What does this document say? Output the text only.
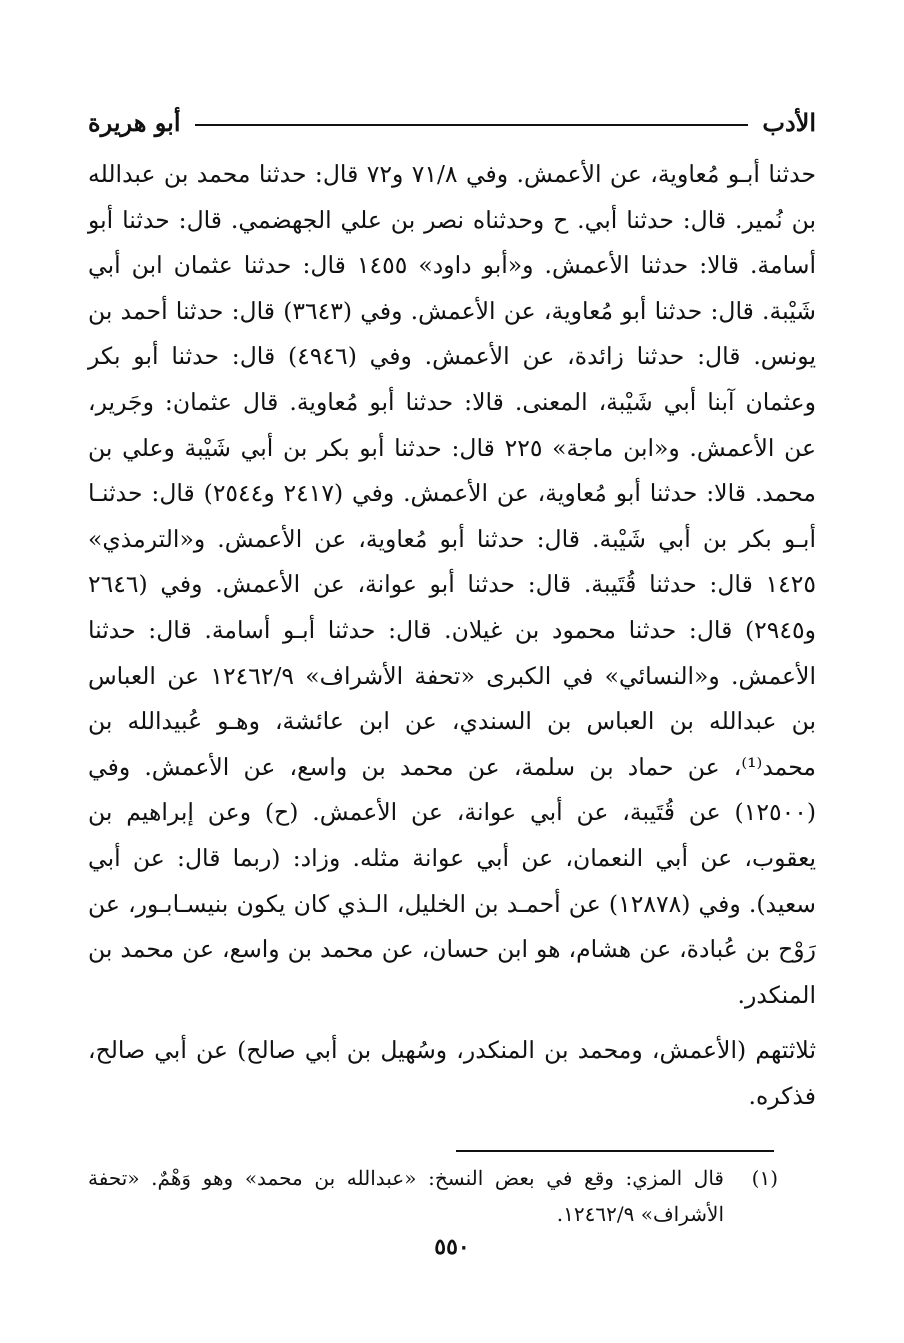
الأدب
أبو هريرة

حدثنا أبـو مُعاوية، عن الأعمش. وفي ٧١/٨ و٧٢ قال: حدثنا محمد بن عبدالله بن نُمير. قال: حدثنا أبي. ح وحدثناه نصر بن علي الجهضمي. قال: حدثنا أبو أسامة. قالا: حدثنا الأعمش. و«أبو داود» ١٤٥٥ قال: حدثنا عثمان ابن أبي شَيْبة. قال: حدثنا أبو مُعاوية، عن الأعمش. وفي (٣٦٤٣) قال: حدثنا أحمد بن يونس. قال: حدثنا زائدة، عن الأعمش. وفي (٤٩٤٦) قال: حدثنا أبو بكر وعثمان آبنا أبي شَيْبة، المعنى. قالا: حدثنا أبو مُعاوية. قال عثمان: وجَرير، عن الأعمش. و«ابن ماجة» ٢٢٥ قال: حدثنا أبو بكر بن أبي شَيْبة وعلي بن محمد. قالا: حدثنا أبو مُعاوية، عن الأعمش. وفي (٢٤١٧ و٢٥٤٤) قال: حدثنـا أبـو بكر بن أبي شَيْبة. قال: حدثنا أبو مُعاوية، عن الأعمش. و«الترمذي» ١٤٢٥ قال: حدثنا قُتَيبة. قال: حدثنا أبو عوانة، عن الأعمش. وفي (٢٦٤٦ و٢٩٤٥) قال: حدثنا محمود بن غيلان. قال: حدثنا أبـو أسامة. قال: حدثنا الأعمش. و«النسائي» في الكبرى «تحفة الأشراف» ١٢٤٦٢/٩ عن العباس بن عبدالله بن العباس بن السندي، عن ابن عائشة، وهـو عُبيدالله بن محمد⁽¹⁾، عن حماد بن سلمة، عن محمد بن واسع، عن الأعمش. وفي (١٢٥٠٠) عن قُتَيبة، عن أبي عوانة، عن الأعمش. (ح) وعن إبراهيم بن يعقوب، عن أبي النعمان، عن أبي عوانة مثله. وزاد: (ربما قال: عن أبي سعيد). وفي (١٢٨٧٨) عن أحمـد بن الخليل، الـذي كان يكون بنيسـابـور، عن رَوْح بن عُبادة، عن هشام، هو ابن حسان، عن محمد بن واسع، عن محمد بن المنكدر.

ثلاثتهم (الأعمش، ومحمد بن المنكدر، وسُهيل بن أبي صالح) عن أبي صالح، فذكره.

(١)
قال المزي: وقع في بعض النسخ: «عبدالله بن محمد» وهو وَهْمٌ. «تحفة الأشراف» ١٢٤٦٢/٩.
٥٥٠
